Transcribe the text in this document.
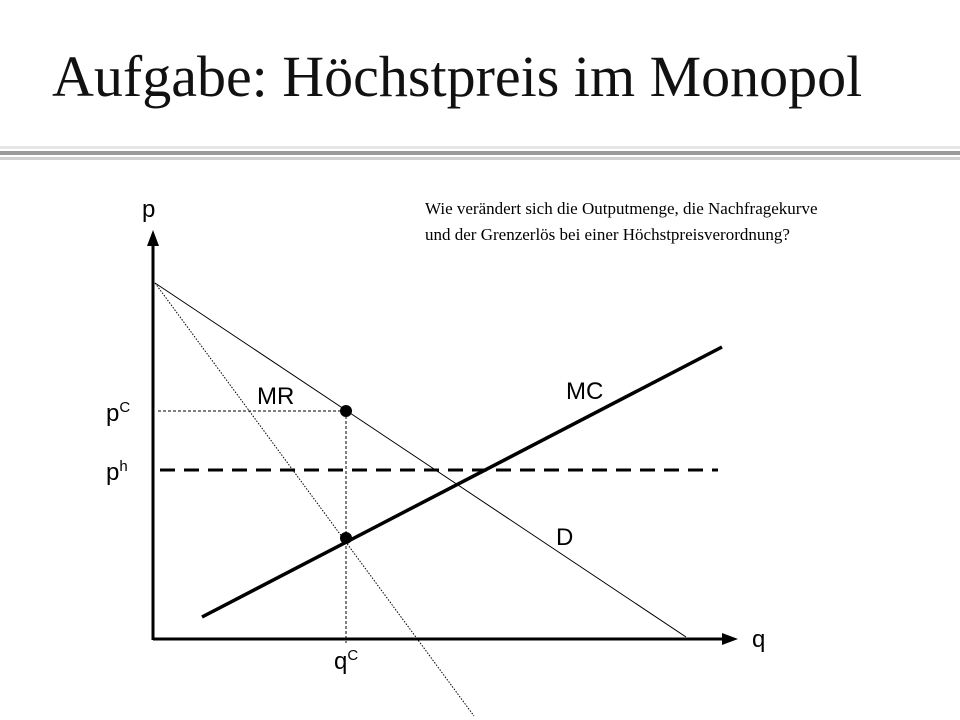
Aufgabe: Höchstpreis im Monopol
Wie verändert sich die Outputmenge, die Nachfragekurve und der Grenzerlös bei einer Höchstpreisverordnung?
p
q
$p^C$
$p^h$
$q^C$
MR	MC
D
